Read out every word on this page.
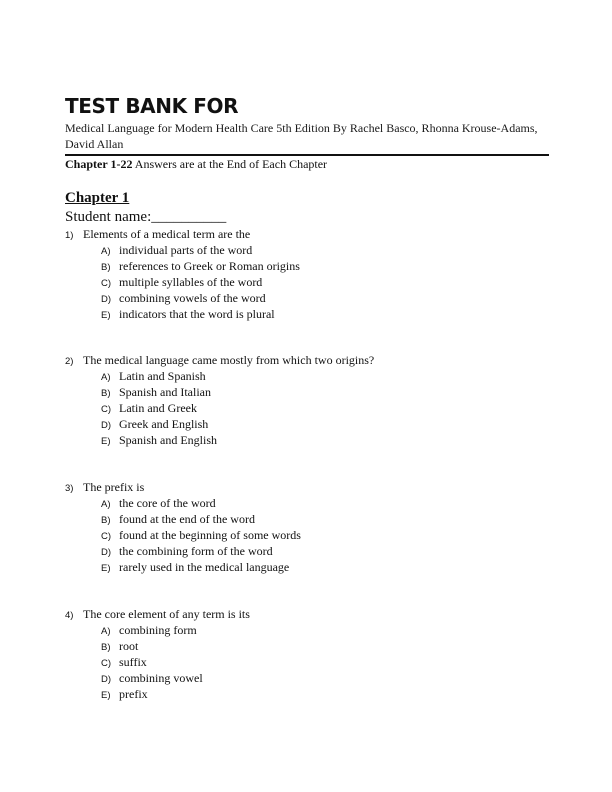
TEST BANK FOR
Medical Language for Modern Health Care 5th Edition By Rachel Basco, Rhonna Krouse-Adams, David Allan
Chapter 1-22 Answers are at the End of Each Chapter
Chapter 1
Student name:__________
1) Elements of a medical term are the
A) individual parts of the word
B) references to Greek or Roman origins
C) multiple syllables of the word
D) combining vowels of the word
E) indicators that the word is plural
2) The medical language came mostly from which two origins?
A) Latin and Spanish
B) Spanish and Italian
C) Latin and Greek
D) Greek and English
E) Spanish and English
3) The prefix is
A) the core of the word
B) found at the end of the word
C) found at the beginning of some words
D) the combining form of the word
E) rarely used in the medical language
4) The core element of any term is its
A) combining form
B) root
C) suffix
D) combining vowel
E) prefix
